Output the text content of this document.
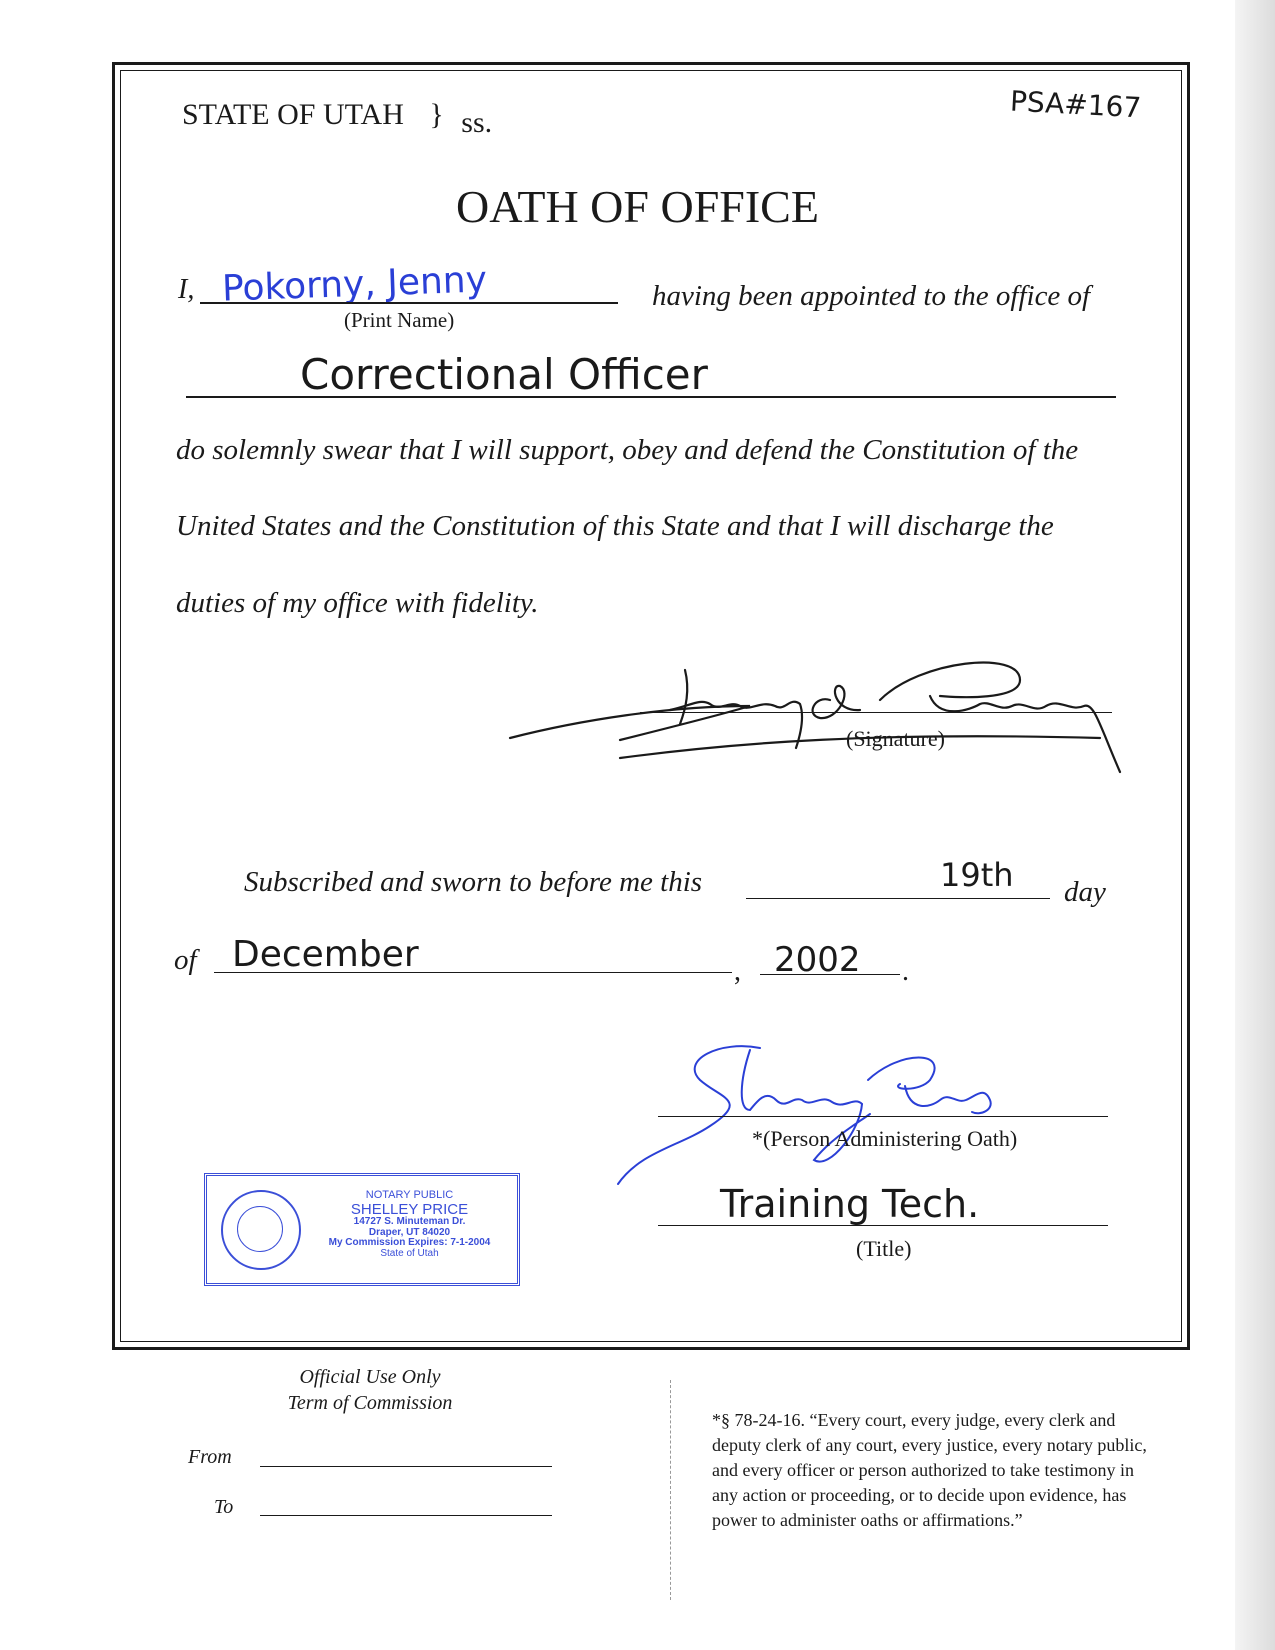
STATE OF UTAH } ss.	PSA#167
OATH OF OFFICE
I, Pokorny, Jenny
(Print Name)
having been appointed to the office of
Correctional Officer
do solemnly swear that I will support, obey and defend the Constitution of the
United States and the Constitution of this State and that I will discharge the
duties of my office with fidelity.
(Signature)
Subscribed and sworn to before me this	19th day
of December	, 2002 .
*(Person Administering Oath)
Training Tech.
(Title)
NOTARY PUBLIC
SHELLEY PRICE
14727 S. Minuteman Dr.
Draper, UT 84020
My Commission Expires: 7-1-2004
State of Utah
Official Use Only
Term of Commission
From
To
*§ 78-24-16. “Every court, every judge, every clerk and
deputy clerk of any court, every justice, every notary public,
and every officer or person authorized to take testimony in
any action or proceeding, or to decide upon evidence, has
power to administer oaths or affirmations.”
